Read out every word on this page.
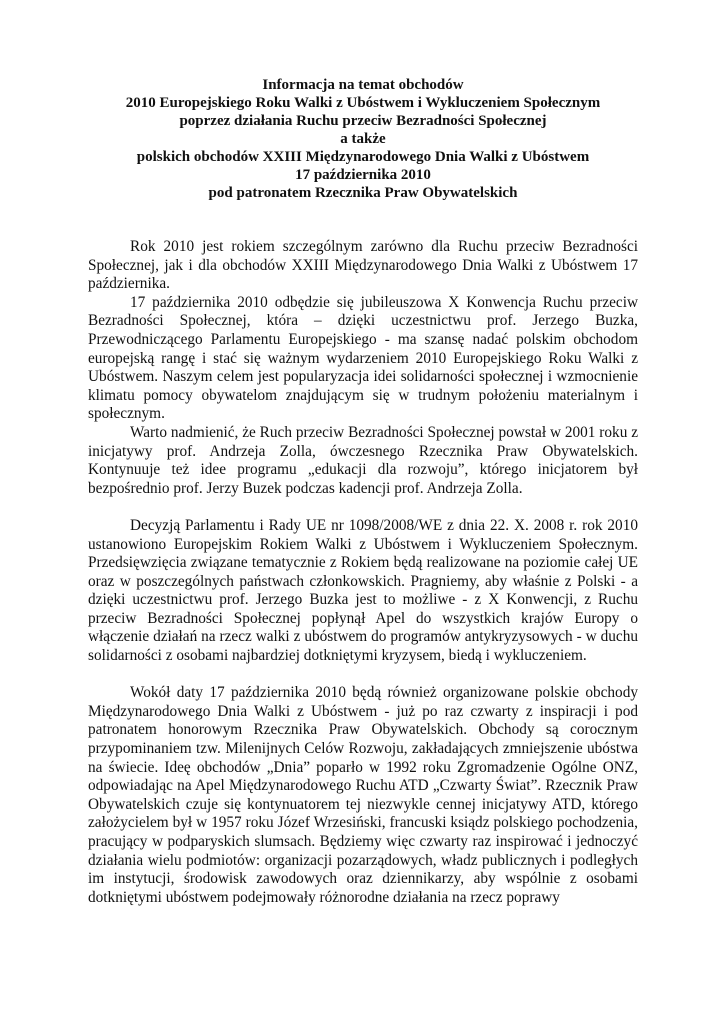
Informacja na temat obchodów
2010 Europejskiego Roku Walki z Ubóstwem i Wykluczeniem Społecznym
poprzez działania Ruchu przeciw Bezradności Społecznej
a także
polskich obchodów XXIII Międzynarodowego Dnia Walki z Ubóstwem
17 października 2010
pod patronatem Rzecznika Praw Obywatelskich

Rok 2010 jest rokiem szczególnym zarówno dla Ruchu przeciw Bezradności Społecznej, jak i dla obchodów XXIII Międzynarodowego Dnia Walki z Ubóstwem 17 października.

17 października 2010 odbędzie się jubileuszowa X Konwencja Ruchu przeciw Bezradności Społecznej, która – dzięki uczestnictwu prof. Jerzego Buzka, Przewodniczącego Parlamentu Europejskiego - ma szansę nadać polskim obchodom europejską rangę i stać się ważnym wydarzeniem 2010 Europejskiego Roku Walki z Ubóstwem. Naszym celem jest popularyzacja idei solidarności społecznej i wzmocnienie klimatu pomocy obywatelom znajdującym się w trudnym położeniu materialnym i społecznym.

Warto nadmienić, że Ruch przeciw Bezradności Społecznej powstał w 2001 roku z inicjatywy prof. Andrzeja Zolla, ówczesnego Rzecznika Praw Obywatelskich. Kontynuuje też idee programu „edukacji dla rozwoju”, którego inicjatorem był bezpośrednio prof. Jerzy Buzek podczas kadencji prof. Andrzeja Zolla.

Decyzją Parlamentu i Rady UE nr 1098/2008/WE z dnia 22. X. 2008 r. rok 2010 ustanowiono Europejskim Rokiem Walki z Ubóstwem i Wykluczeniem Społecznym. Przedsięwzięcia związane tematycznie z Rokiem będą realizowane na poziomie całej UE oraz w poszczególnych państwach członkowskich. Pragniemy, aby właśnie z Polski - a dzięki uczestnictwu prof. Jerzego Buzka jest to możliwe - z X Konwencji, z Ruchu przeciw Bezradności Społecznej popłynął Apel do wszystkich krajów Europy o włączenie działań na rzecz walki z ubóstwem do programów antykryzysowych - w duchu solidarności z osobami najbardziej dotkniętymi kryzysem, biedą i wykluczeniem.

Wokół daty 17 października 2010 będą również organizowane polskie obchody Międzynarodowego Dnia Walki z Ubóstwem - już po raz czwarty z inspiracji i pod patronatem honorowym Rzecznika Praw Obywatelskich. Obchody są corocznym przypominaniem tzw. Milenijnych Celów Rozwoju, zakładających zmniejszenie ubóstwa na świecie. Ideę obchodów „Dnia” poparło w 1992 roku Zgromadzenie Ogólne ONZ, odpowiadając na Apel Międzynarodowego Ruchu ATD „Czwarty Świat”. Rzecznik Praw Obywatelskich czuje się kontynuatorem tej niezwykle cennej inicjatywy ATD, którego założycielem był w 1957 roku Józef Wrzesiński, francuski ksiądz polskiego pochodzenia, pracujący w podparyskich slumsach. Będziemy więc czwarty raz inspirować i jednoczyć działania wielu podmiotów: organizacji pozarządowych, władz publicznych i podległych im instytucji, środowisk zawodowych oraz dziennikarzy, aby wspólnie z osobami dotkniętymi ubóstwem podejmowały różnorodne działania na rzecz poprawy
